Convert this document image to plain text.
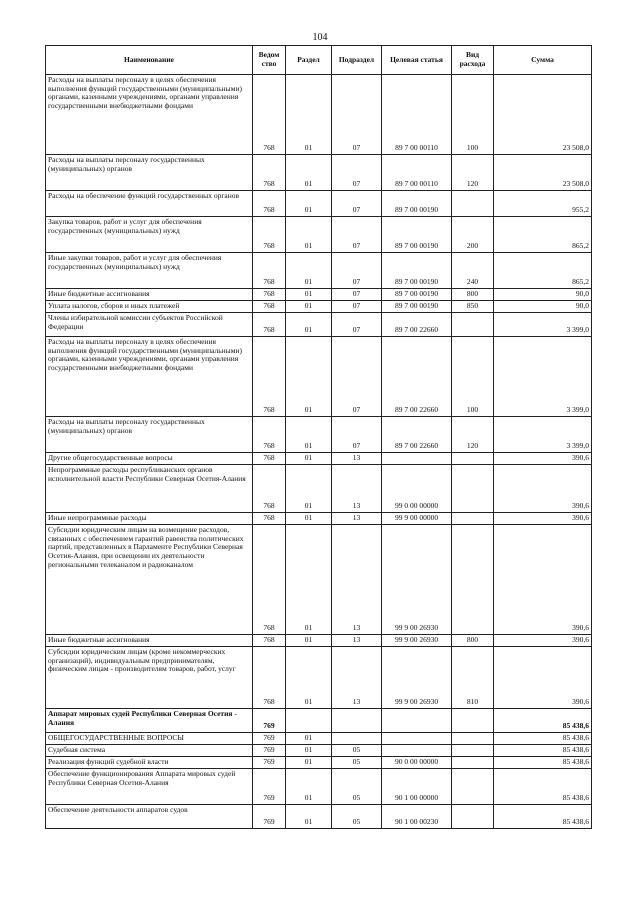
104
Наименование	Ведом ство	Раздел	Подраздел	Целевая статья	Вид расхода	Сумма
Расходы на выплаты персоналу в целях обеспечения выполнения функций государственными (муниципальными) органами, казенными учреждениями, органами управления государственными внебюджетными фондами	768	01	07	89 7 00 00110	100	23 508,0
Расходы на выплаты персоналу государственных (муниципальных) органов	768	01	07	89 7 00 00110	120	23 508,0
Расходы на обеспечение функций государственных органов	768	01	07	89 7 00 00190		955,2
Закупка товаров, работ и услуг для обеспечения государственных (муниципальных) нужд	768	01	07	89 7 00 00190	200	865,2
Иные закупки товаров, работ и услуг для обеспечения государственных (муниципальных) нужд	768	01	07	89 7 00 00190	240	865,2
Иные бюджетные ассигнования	768	01	07	89 7 00 00190	800	90,0
Уплата налогов, сборов и иных платежей	768	01	07	89 7 00 00190	850	90,0
Члены избирательной комиссии субъектов Российской Федерации	768	01	07	89 7 00 22660		3 399,0
Расходы на выплаты персоналу в целях обеспечения выполнения функций государственными (муниципальными) органами, казенными учреждениями, органами управления государственными внебюджетными фондами	768	01	07	89 7 00 22660	100	3 399,0
Расходы на выплаты персоналу государственных (муниципальных) органов	768	01	07	89 7 00 22660	120	3 399,0
Другие общегосударственные вопросы	768	01	13			390,6
Непрограммные расходы республиканских органов исполнительной власти Республики Северная Осетия-Алания	768	01	13	99 0 00 00000		390,6
Иные непрограммные расходы	768	01	13	99 9 00 00000		390,6
Субсидии юридическим лицам на возмещение расходов, связанных с обеспечением гарантий равенства политических партий, представленных в Парламенте Республики Северная Осетия-Алания, при освещении их деятельности региональными телеканалом и радиоканалом	768	01	13	99 9 00 26930		390,6
Иные бюджетные ассигнования	768	01	13	99 9 00 26930	800	390,6
Субсидии юридическим лицам (кроме некоммерческих организаций), индивидуальным предпринимателям, физическим лицам - производителям товаров, работ, услуг	768	01	13	99 9 00 26930	810	390,6
Аппарат мировых судей Республики Северная Осетия - Алания	769					85 438,6
ОБЩЕГОСУДАРСТВЕННЫЕ ВОПРОСЫ	769	01				85 438,6
Судебная система	769	01	05			85 438,6
Реализация функций судебной власти	769	01	05	90 0 00 00000		85 438,6
Обеспечение функционирования Аппарата мировых судей Республики Северная Осетия-Алания	769	01	05	90 1 00 00000		85 438,6
Обеспечение деятельности аппаратов судов	769	01	05	90 1 00 00230		85 438,6
